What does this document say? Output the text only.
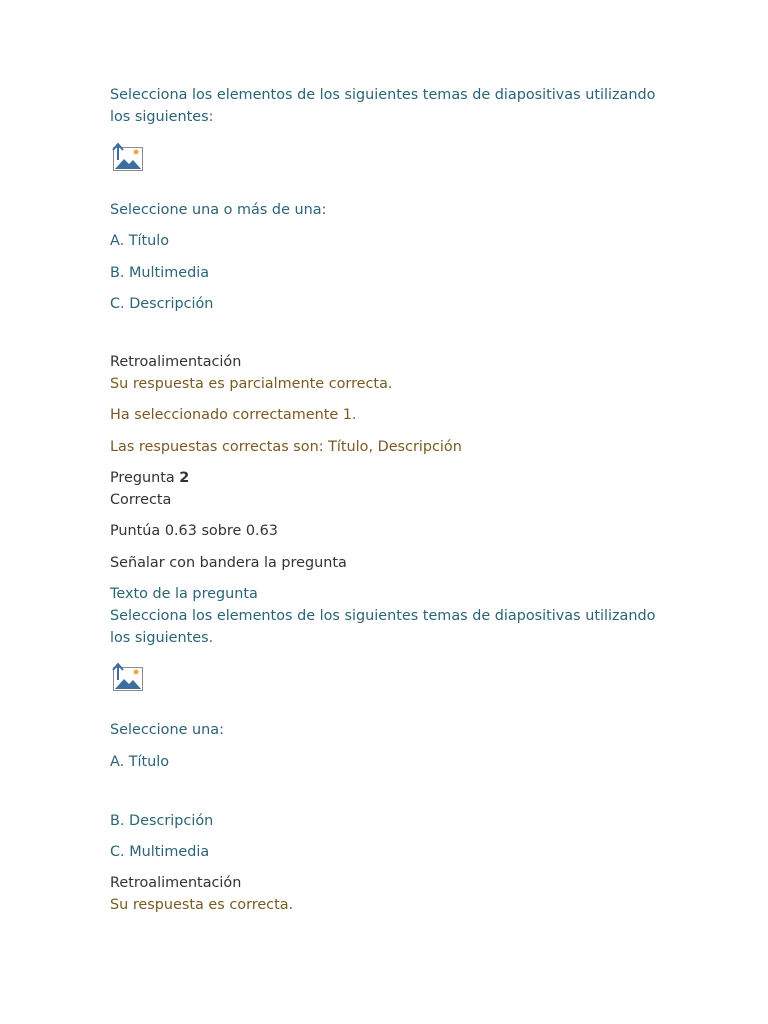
Selecciona los elementos de los siguientes temas de diapositivas utilizando los siguientes:

Seleccione una o más de una:

A. Título

B. Multimedia

C. Descripción

Retroalimentación

Su respuesta es parcialmente correcta.

Ha seleccionado correctamente 1.

Las respuestas correctas son: Título, Descripción

Pregunta 2

Correcta

Puntúa 0.63 sobre 0.63

Señalar con bandera la pregunta

Texto de la pregunta

Selecciona los elementos de los siguientes temas de diapositivas utilizando los siguientes.

Seleccione una:

A. Título

B. Descripción

C. Multimedia

Retroalimentación

Su respuesta es correcta.
